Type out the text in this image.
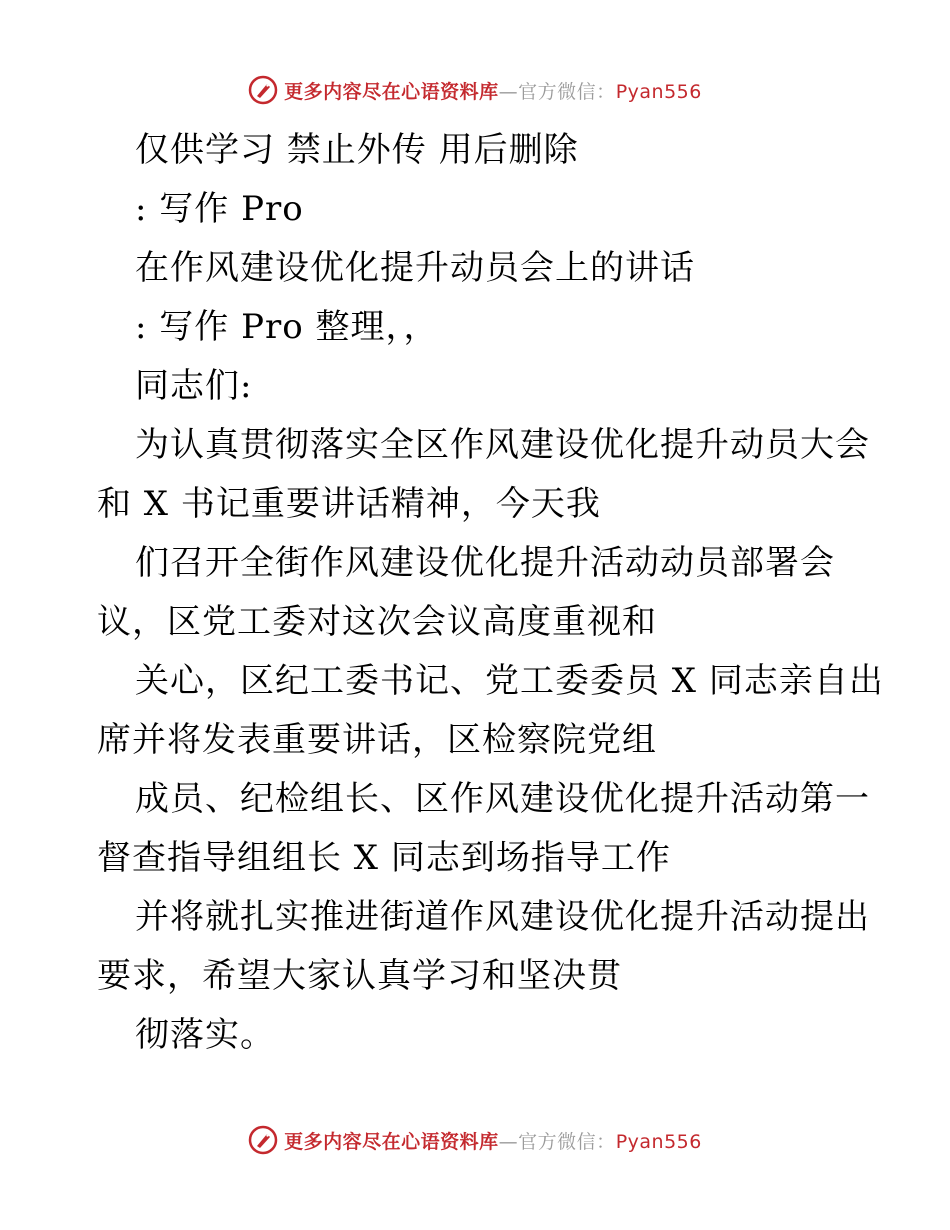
更多内容尽在心语资料库—官方微信：Pyan556
仅供学习 禁止外传 用后删除
: 写作 Pro
在作风建设优化提升动员会上的讲话
: 写作 Pro 整理，，
同志们:
为认真贯彻落实全区作风建设优化提升动员大会
和 X 书记重要讲话精神，今天我
们召开全街作风建设优化提升活动动员部署会
议，区党工委对这次会议高度重视和
关心，区纪工委书记、党工委委员 X 同志亲自出
席并将发表重要讲话，区检察院党组
成员、纪检组长、区作风建设优化提升活动第一
督查指导组组长 X 同志到场指导工作
并将就扎实推进街道作风建设优化提升活动提出
要求，希望大家认真学习和坚决贯
彻落实。
更多内容尽在心语资料库—官方微信：Pyan556
